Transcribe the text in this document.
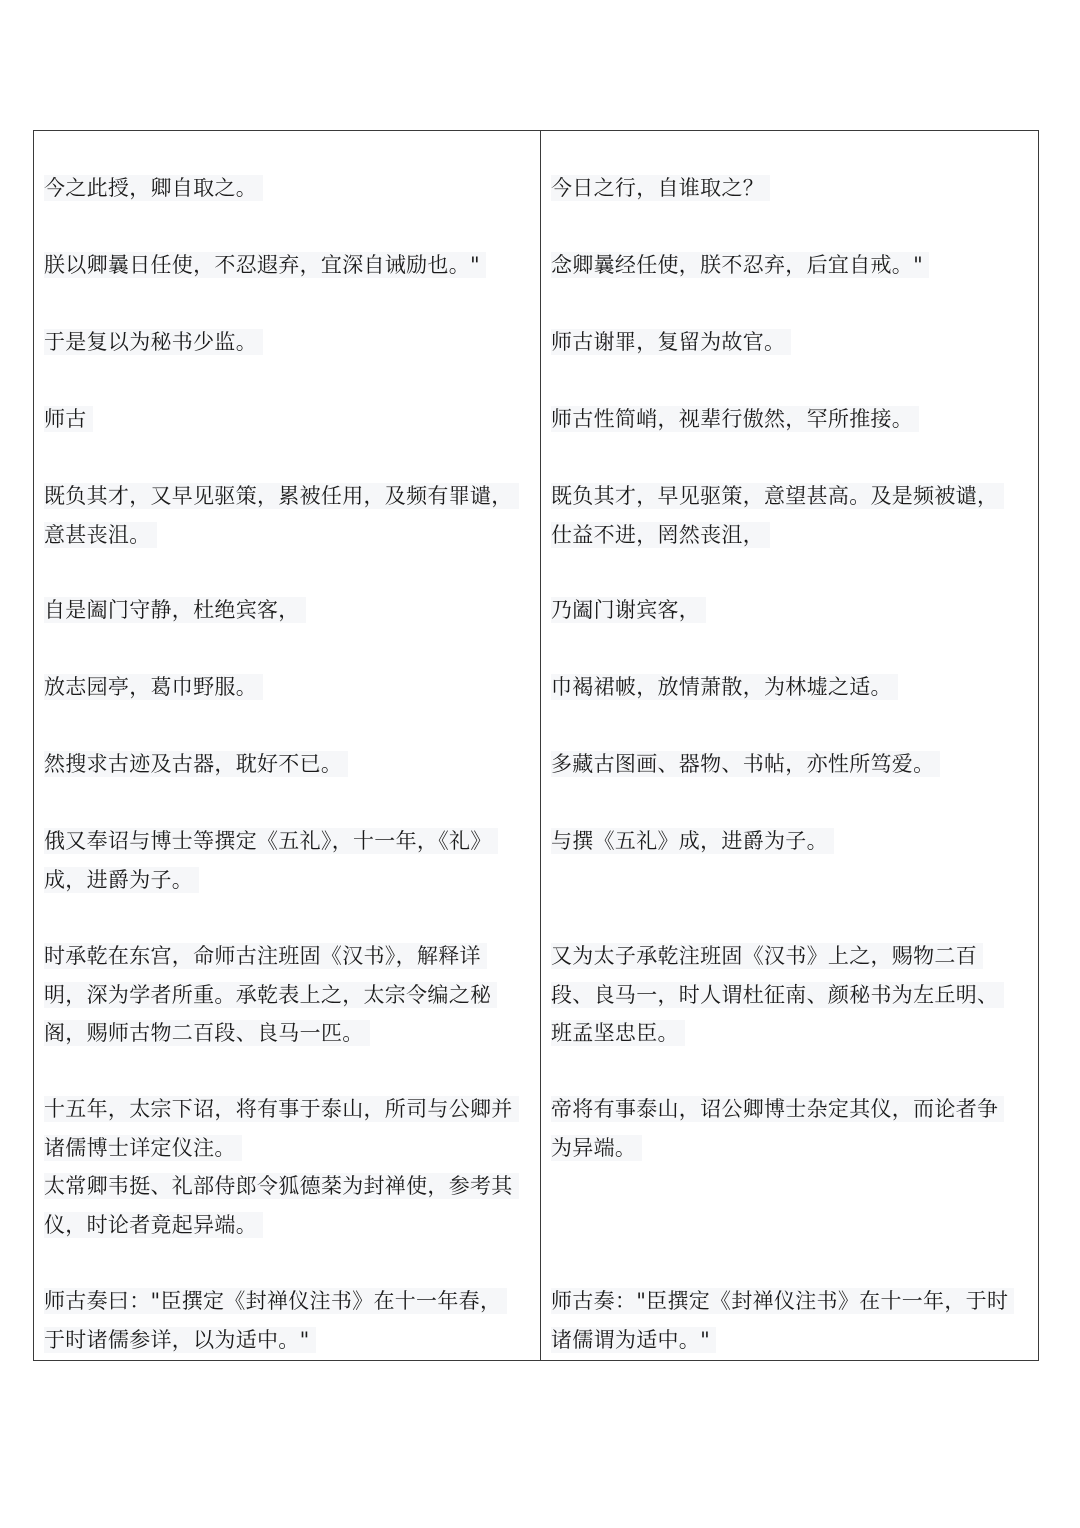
今之此授，卿自取之。
朕以卿曩日任使，不忍遐弃，宜深自诫励也。"
于是复以为秘书少监。
师古
既负其才，又早见驱策，累被任用，及频有罪谴，
意甚丧沮。
自是阖门守静，杜绝宾客，
放志园亭，葛巾野服。
然搜求古迹及古器，耽好不已。
俄又奉诏与博士等撰定《五礼》，十一年，《礼》
成，进爵为子。
时承乾在东宫，命师古注班固《汉书》，解释详
明，深为学者所重。承乾表上之，太宗令编之秘
阁，赐师古物二百段、良马一匹。
十五年，太宗下诏，将有事于泰山，所司与公卿并
诸儒博士详定仪注。
太常卿韦挺、礼部侍郎令狐德棻为封禅使，参考其
仪，时论者竟起异端。
师古奏曰："臣撰定《封禅仪注书》在十一年春，
于时诸儒参详，以为适中。"
今日之行，自谁取之？
念卿曩经任使，朕不忍弃，后宜自戒。"
师古谢罪，复留为故官。
师古性简峭，视辈行傲然，罕所推接。
既负其才，早见驱策，意望甚高。及是频被谴，
仕益不进，罔然丧沮，
乃阖门谢宾客，
巾褐裙帔，放情萧散，为林墟之适。
多藏古图画、器物、书帖，亦性所笃爱。
与撰《五礼》成，进爵为子。
又为太子承乾注班固《汉书》上之，赐物二百
段、良马一，时人谓杜征南、颜秘书为左丘明、
班孟坚忠臣。
帝将有事泰山，诏公卿博士杂定其仪，而论者争
为异端。
师古奏："臣撰定《封禅仪注书》在十一年，于时
诸儒谓为适中。"
